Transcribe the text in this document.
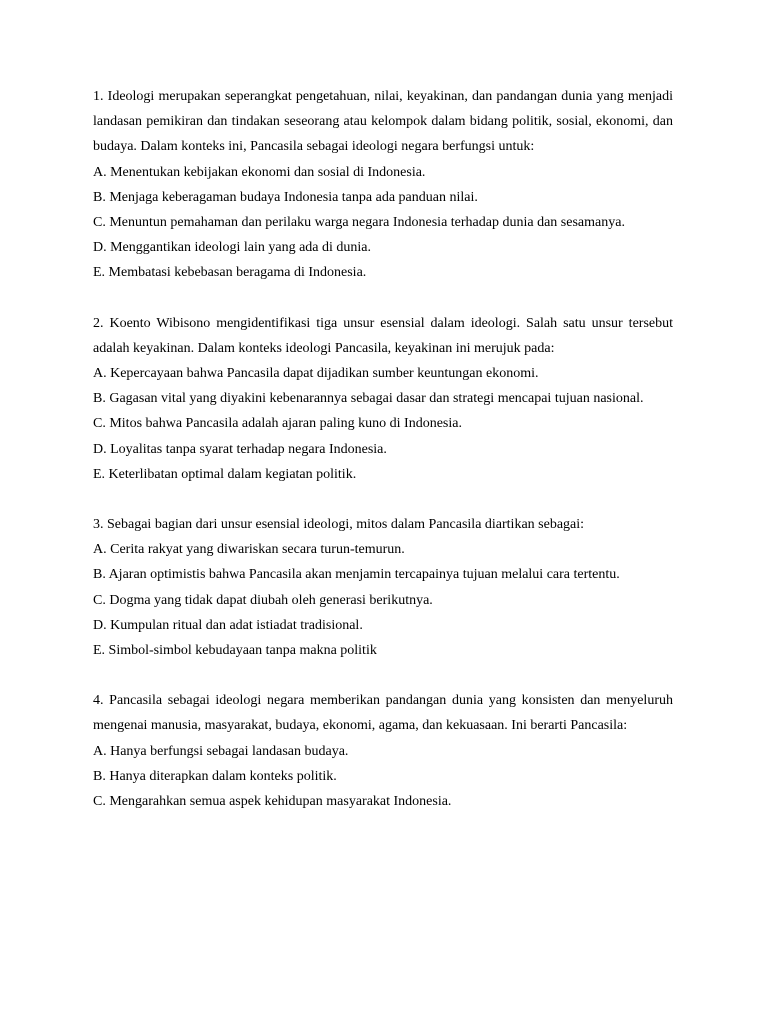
1. Ideologi merupakan seperangkat pengetahuan, nilai, keyakinan, dan pandangan dunia yang menjadi landasan pemikiran dan tindakan seseorang atau kelompok dalam bidang politik, sosial, ekonomi, dan budaya. Dalam konteks ini, Pancasila sebagai ideologi negara berfungsi untuk:

A. Menentukan kebijakan ekonomi dan sosial di Indonesia.

B. Menjaga keberagaman budaya Indonesia tanpa ada panduan nilai.

C. Menuntun pemahaman dan perilaku warga negara Indonesia terhadap dunia dan sesamanya.

D. Menggantikan ideologi lain yang ada di dunia.

E. Membatasi kebebasan beragama di Indonesia.

2. Koento Wibisono mengidentifikasi tiga unsur esensial dalam ideologi. Salah satu unsur tersebut adalah keyakinan. Dalam konteks ideologi Pancasila, keyakinan ini merujuk pada:

A. Kepercayaan bahwa Pancasila dapat dijadikan sumber keuntungan ekonomi.

B. Gagasan vital yang diyakini kebenarannya sebagai dasar dan strategi mencapai tujuan nasional.

C. Mitos bahwa Pancasila adalah ajaran paling kuno di Indonesia.

D. Loyalitas tanpa syarat terhadap negara Indonesia.

E. Keterlibatan optimal dalam kegiatan politik.

3. Sebagai bagian dari unsur esensial ideologi, mitos dalam Pancasila diartikan sebagai:

A. Cerita rakyat yang diwariskan secara turun-temurun.

B. Ajaran optimistis bahwa Pancasila akan menjamin tercapainya tujuan melalui cara tertentu.

C. Dogma yang tidak dapat diubah oleh generasi berikutnya.

D. Kumpulan ritual dan adat istiadat tradisional.

E. Simbol-simbol kebudayaan tanpa makna politik

4. Pancasila sebagai ideologi negara memberikan pandangan dunia yang konsisten dan menyeluruh mengenai manusia, masyarakat, budaya, ekonomi, agama, dan kekuasaan. Ini berarti Pancasila:

A. Hanya berfungsi sebagai landasan budaya.

B. Hanya diterapkan dalam konteks politik.

C. Mengarahkan semua aspek kehidupan masyarakat Indonesia.
